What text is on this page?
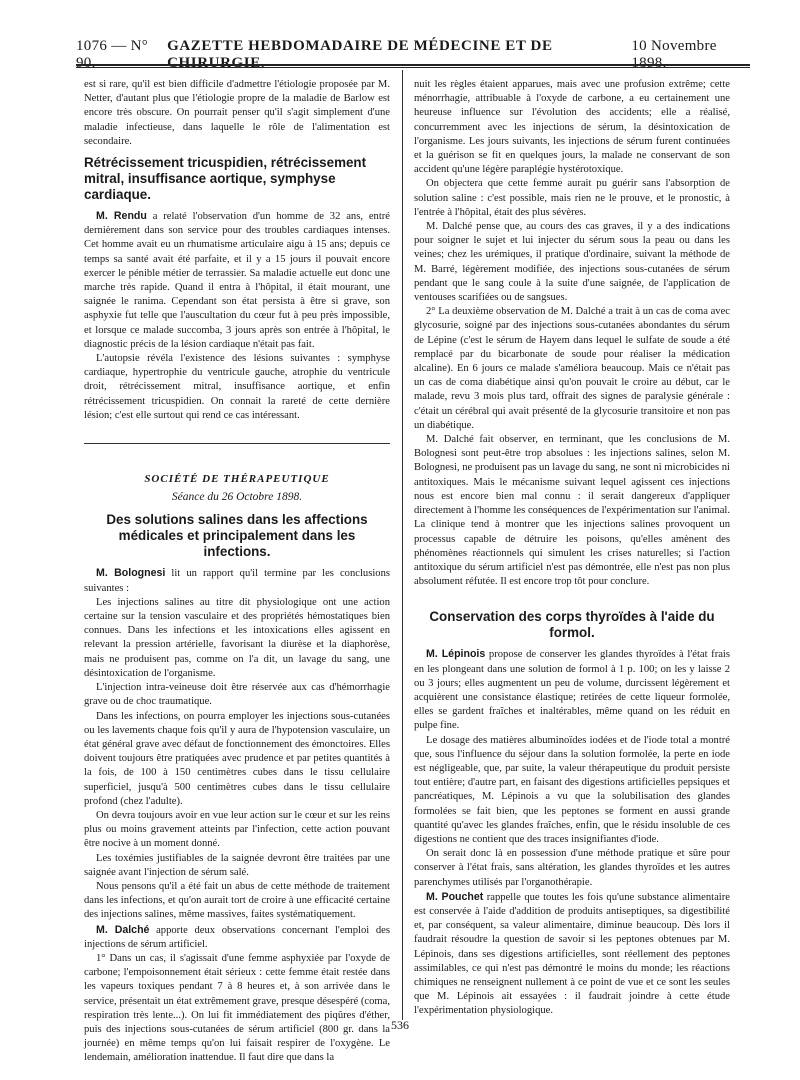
1076 — N° 90.
GAZETTE HEBDOMADAIRE DE MÉDECINE ET DE CHIRURGIE.
10 Novembre 1898.

est si rare, qu'il est bien difficile d'admettre l'étiologie proposée par M. Netter, d'autant plus que l'étiologie propre de la maladie de Barlow est encore très obscure. On pourrait penser qu'il s'agit simplement d'une maladie infectieuse, dans laquelle le rôle de l'alimentation est secondaire.

Rétrécissement tricuspidien, rétrécissement mitral, insuffisance aortique, symphyse cardiaque.

M. Rendu a relaté l'observation d'un homme de 32 ans, entré dernièrement dans son service pour des troubles cardiaques intenses. Cet homme avait eu un rhumatisme articulaire aigu à 15 ans; depuis ce temps sa santé avait été parfaite, et il y a 15 jours il pouvait encore exercer le pénible métier de terrassier. Sa maladie actuelle eut donc une marche très rapide. Quand il entra à l'hôpital, il était mourant, une saignée le ranima. Cependant son état persista à être si grave, son asphyxie fut telle que l'auscultation du cœur fut à peu près impossible, et lorsque ce malade succomba, 3 jours après son entrée à l'hôpital, le diagnostic précis de la lésion cardiaque n'était pas fait.

L'autopsie révéla l'existence des lésions suivantes : symphyse cardiaque, hypertrophie du ventricule gauche, atrophie du ventricule droit, rétrécissement mitral, insuffisance aortique, et enfin rétrécissement tricuspidien. On connait la rareté de cette dernière lésion; c'est elle surtout qui rend ce cas intéressant.

SOCIÉTÉ DE THÉRAPEUTIQUE
Séance du 26 Octobre 1898.
Des solutions salines dans les affections médicales et principalement dans les infections.

M. Bolognesi lit un rapport qu'il termine par les conclusions suivantes :

Les injections salines au titre dit physiologique ont une action certaine sur la tension vasculaire et des propriétés hémostatiques bien connues. Dans les infections et les intoxications elles agissent en relevant la pression artérielle, favorisant la diurèse et la diaphorèse, mais ne produisent pas, comme on l'a dit, un lavage du sang, une désintoxication de l'organisme.

L'injection intra-veineuse doit être réservée aux cas d'hémorrhagie grave ou de choc traumatique.

Dans les infections, on pourra employer les injections sous-cutanées ou les lavements chaque fois qu'il y aura de l'hypotension vasculaire, un état général grave avec défaut de fonctionnement des émonctoires. Elles doivent toujours être pratiquées avec prudence et par petites quantités à la fois, de 100 à 150 centimètres cubes dans le tissu cellulaire superficiel, jusqu'à 500 centimètres cubes dans le tissu cellulaire profond (chez l'adulte).

On devra toujours avoir en vue leur action sur le cœur et sur les reins plus ou moins gravement atteints par l'infection, cette action pouvant être nocive à un moment donné.

Les toxémies justifiables de la saignée devront être traitées par une saignée avant l'injection de sérum salé.

Nous pensons qu'il a été fait un abus de cette méthode de traitement dans les infections, et qu'on aurait tort de croire à une efficacité certaine des injections salines, même massives, faites systématiquement.

M. Dalché apporte deux observations concernant l'emploi des injections de sérum artificiel.

1° Dans un cas, il s'agissait d'une femme asphyxiée par l'oxyde de carbone; l'empoisonnement était sérieux : cette femme était restée dans les vapeurs toxiques pendant 7 à 8 heures et, à son arrivée dans le service, présentait un état extrêmement grave, presque désespéré (coma, respiration très lente...). On lui fit immédiatement des piqûres d'éther, puis des injections sous-cutanées de sérum artificiel (800 gr. dans la journée) en même temps qu'on lui faisait respirer de l'oxygène. Le lendemain, amélioration inattendue. Il faut dire que dans la

nuit les règles étaient apparues, mais avec une profusion extrême; cette ménorrhagie, attribuable à l'oxyde de carbone, a eu certainement une heureuse influence sur l'évolution des accidents; elle a réalisé, concurremment avec les injections de sérum, la désintoxication de l'organisme. Les jours suivants, les injections de sérum furent continuées et la guérison se fit en quelques jours, la malade ne conservant de son accident qu'une légère paraplégie hystérotoxique.

On objectera que cette femme aurait pu guérir sans l'absorption de solution saline : c'est possible, mais rien ne le prouve, et le pronostic, à l'entrée à l'hôpital, était des plus sévères.

M. Dalché pense que, au cours des cas graves, il y a des indications pour soigner le sujet et lui injecter du sérum sous la peau ou dans les veines; chez les urémiques, il pratique d'ordinaire, suivant la méthode de M. Barré, légèrement modifiée, des injections sous-cutanées de sérum pendant que le sang coule à la suite d'une saignée, de l'application de ventouses scarifiées ou de sangsues.

2° La deuxième observation de M. Dalché a trait à un cas de coma avec glycosurie, soigné par des injections sous-cutanées abondantes du sérum de Lépine (c'est le sérum de Hayem dans lequel le sulfate de soude a été remplacé par du bicarbonate de soude pour réaliser la médication alcaline). En 6 jours ce malade s'améliora beaucoup. Mais ce n'était pas un cas de coma diabétique ainsi qu'on pouvait le croire au début, car le malade, revu 3 mois plus tard, offrait des signes de paralysie générale : c'était un cérébral qui avait présenté de la glycosurie transitoire et non pas un diabétique.

M. Dalché fait observer, en terminant, que les conclusions de M. Bolognesi sont peut-être trop absolues : les injections salines, selon M. Bolognesi, ne produisent pas un lavage du sang, ne sont ni microbicides ni antitoxiques. Mais le mécanisme suivant lequel agissent ces injections nous est encore bien mal connu : il serait dangereux d'appliquer directement à l'homme les conséquences de l'expérimentation sur l'animal. La clinique tend à montrer que les injections salines provoquent un processus capable de détruire les poisons, qu'elles amènent des phénomènes réactionnels qui simulent les crises naturelles; si l'action antitoxique du sérum artificiel n'est pas démontrée, elle n'est pas non plus absolument réfutée. Il est encore trop tôt pour conclure.

Conservation des corps thyroïdes à l'aide du formol.

M. Lépinois propose de conserver les glandes thyroïdes à l'état frais en les plongeant dans une solution de formol à 1 p. 100; on les y laisse 2 ou 3 jours; elles augmentent un peu de volume, durcissent légèrement et acquièrent une consistance élastique; retirées de cette liqueur formolée, elles se gardent fraîches et inaltérables, même quand on les réduit en pulpe fine.

Le dosage des matières albuminoïdes iodées et de l'iode total a montré que, sous l'influence du séjour dans la solution formolée, la perte en iode est négligeable, que, par suite, la valeur thérapeutique du produit persiste tout entière; d'autre part, en faisant des digestions artificielles pepsiques et pancréatiques, M. Lépinois a vu que la solubilisation des glandes formolées se fait bien, que les peptones se forment en aussi grande quantité qu'avec les glandes fraîches, enfin, que le résidu insoluble de ces digestions ne contient que des traces insignifiantes d'iode.

On serait donc là en possession d'une méthode pratique et sûre pour conserver à l'état frais, sans altération, les glandes thyroïdes et les autres parenchymes utilisés par l'organothérapie.

M. Pouchet rappelle que toutes les fois qu'une substance alimentaire est conservée à l'aide d'addition de produits antiseptiques, sa digestibilité et, par conséquent, sa valeur alimentaire, diminue beaucoup. Dès lors il faudrait résoudre la question de savoir si les peptones obtenues par M. Lépinois, dans ses digestions artificielles, sont réellement des peptones assimilables, ce qui n'est pas démontré le moins du monde; les réactions chimiques ne renseignent nullement à ce point de vue et ce sont les seules que M. Lépinois ait essayées : il faudrait joindre à cette étude l'expérimentation physiologique.

536
